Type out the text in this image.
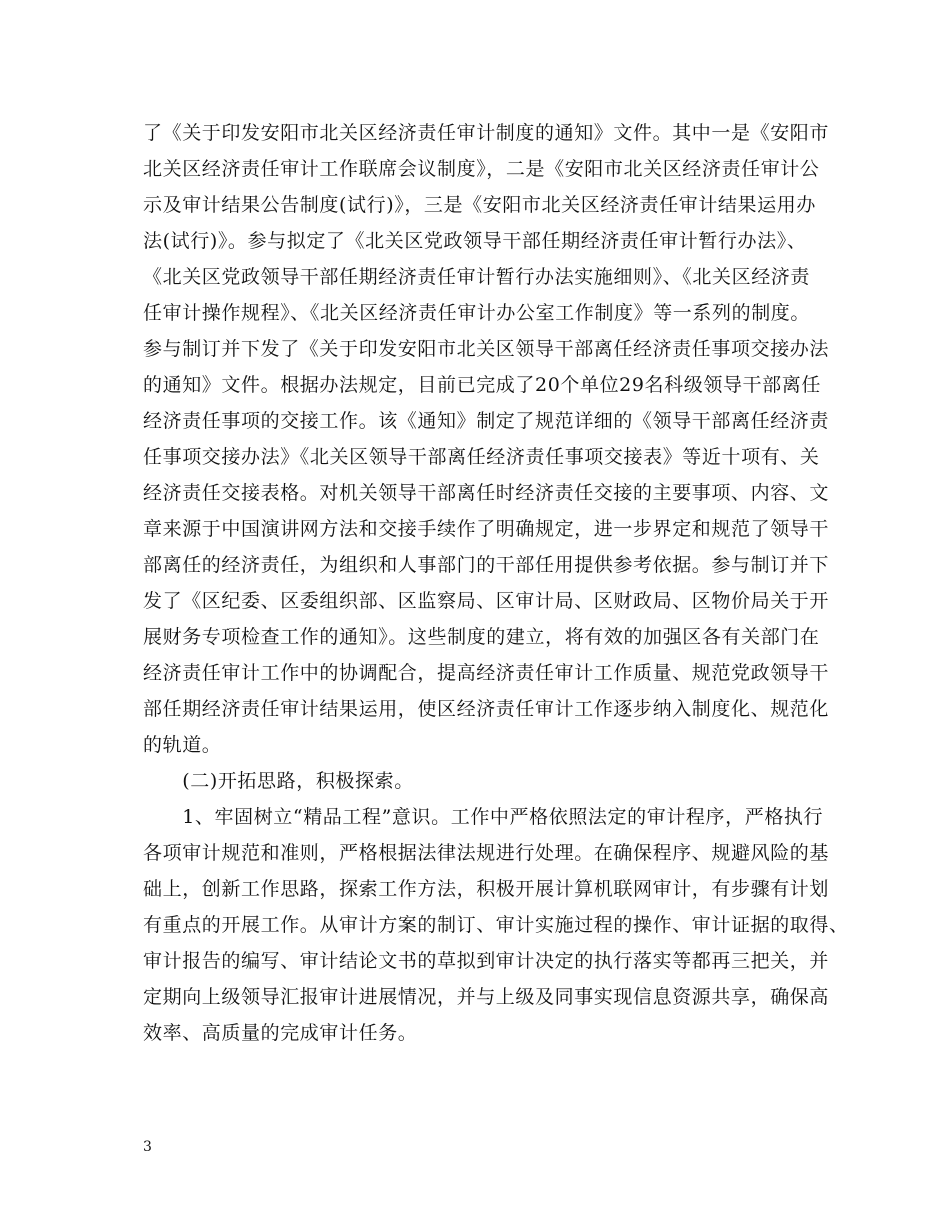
了《关于印发安阳市北关区经济责任审计制度的通知》文件。其中一是《安阳市
北关区经济责任审计工作联席会议制度》，二是《安阳市北关区经济责任审计公
示及审计结果公告制度(试行)》，三是《安阳市北关区经济责任审计结果运用办
法(试行)》。参与拟定了《北关区党政领导干部任期经济责任审计暂行办法》、
《北关区党政领导干部任期经济责任审计暂行办法实施细则》、《北关区经济责
任审计操作规程》、《北关区经济责任审计办公室工作制度》等一系列的制度。
参与制订并下发了《关于印发安阳市北关区领导干部离任经济责任事项交接办法
的通知》文件。根据办法规定，目前已完成了20个单位29名科级领导干部离任
经济责任事项的交接工作。该《通知》制定了规范详细的《领导干部离任经济责
任事项交接办法》《北关区领导干部离任经济责任事项交接表》等近十项有、关
经济责任交接表格。对机关领导干部离任时经济责任交接的主要事项、内容、文
章来源于中国演讲网方法和交接手续作了明确规定，进一步界定和规范了领导干
部离任的经济责任，为组织和人事部门的干部任用提供参考依据。参与制订并下
发了《区纪委、区委组织部、区监察局、区审计局、区财政局、区物价局关于开
展财务专项检查工作的通知》。这些制度的建立，将有效的加强区各有关部门在
经济责任审计工作中的协调配合，提高经济责任审计工作质量、规范党政领导干
部任期经济责任审计结果运用，使区经济责任审计工作逐步纳入制度化、规范化
的轨道。
　　(二)开拓思路，积极探索。
　　1、牢固树立“精品工程”意识。工作中严格依照法定的审计程序，严格执行
各项审计规范和准则，严格根据法律法规进行处理。在确保程序、规避风险的基
础上，创新工作思路，探索工作方法，积极开展计算机联网审计，有步骤有计划
有重点的开展工作。从审计方案的制订、审计实施过程的操作、审计证据的取得、
审计报告的编写、审计结论文书的草拟到审计决定的执行落实等都再三把关，并
定期向上级领导汇报审计进展情况，并与上级及同事实现信息资源共享，确保高
效率、高质量的完成审计任务。
3
